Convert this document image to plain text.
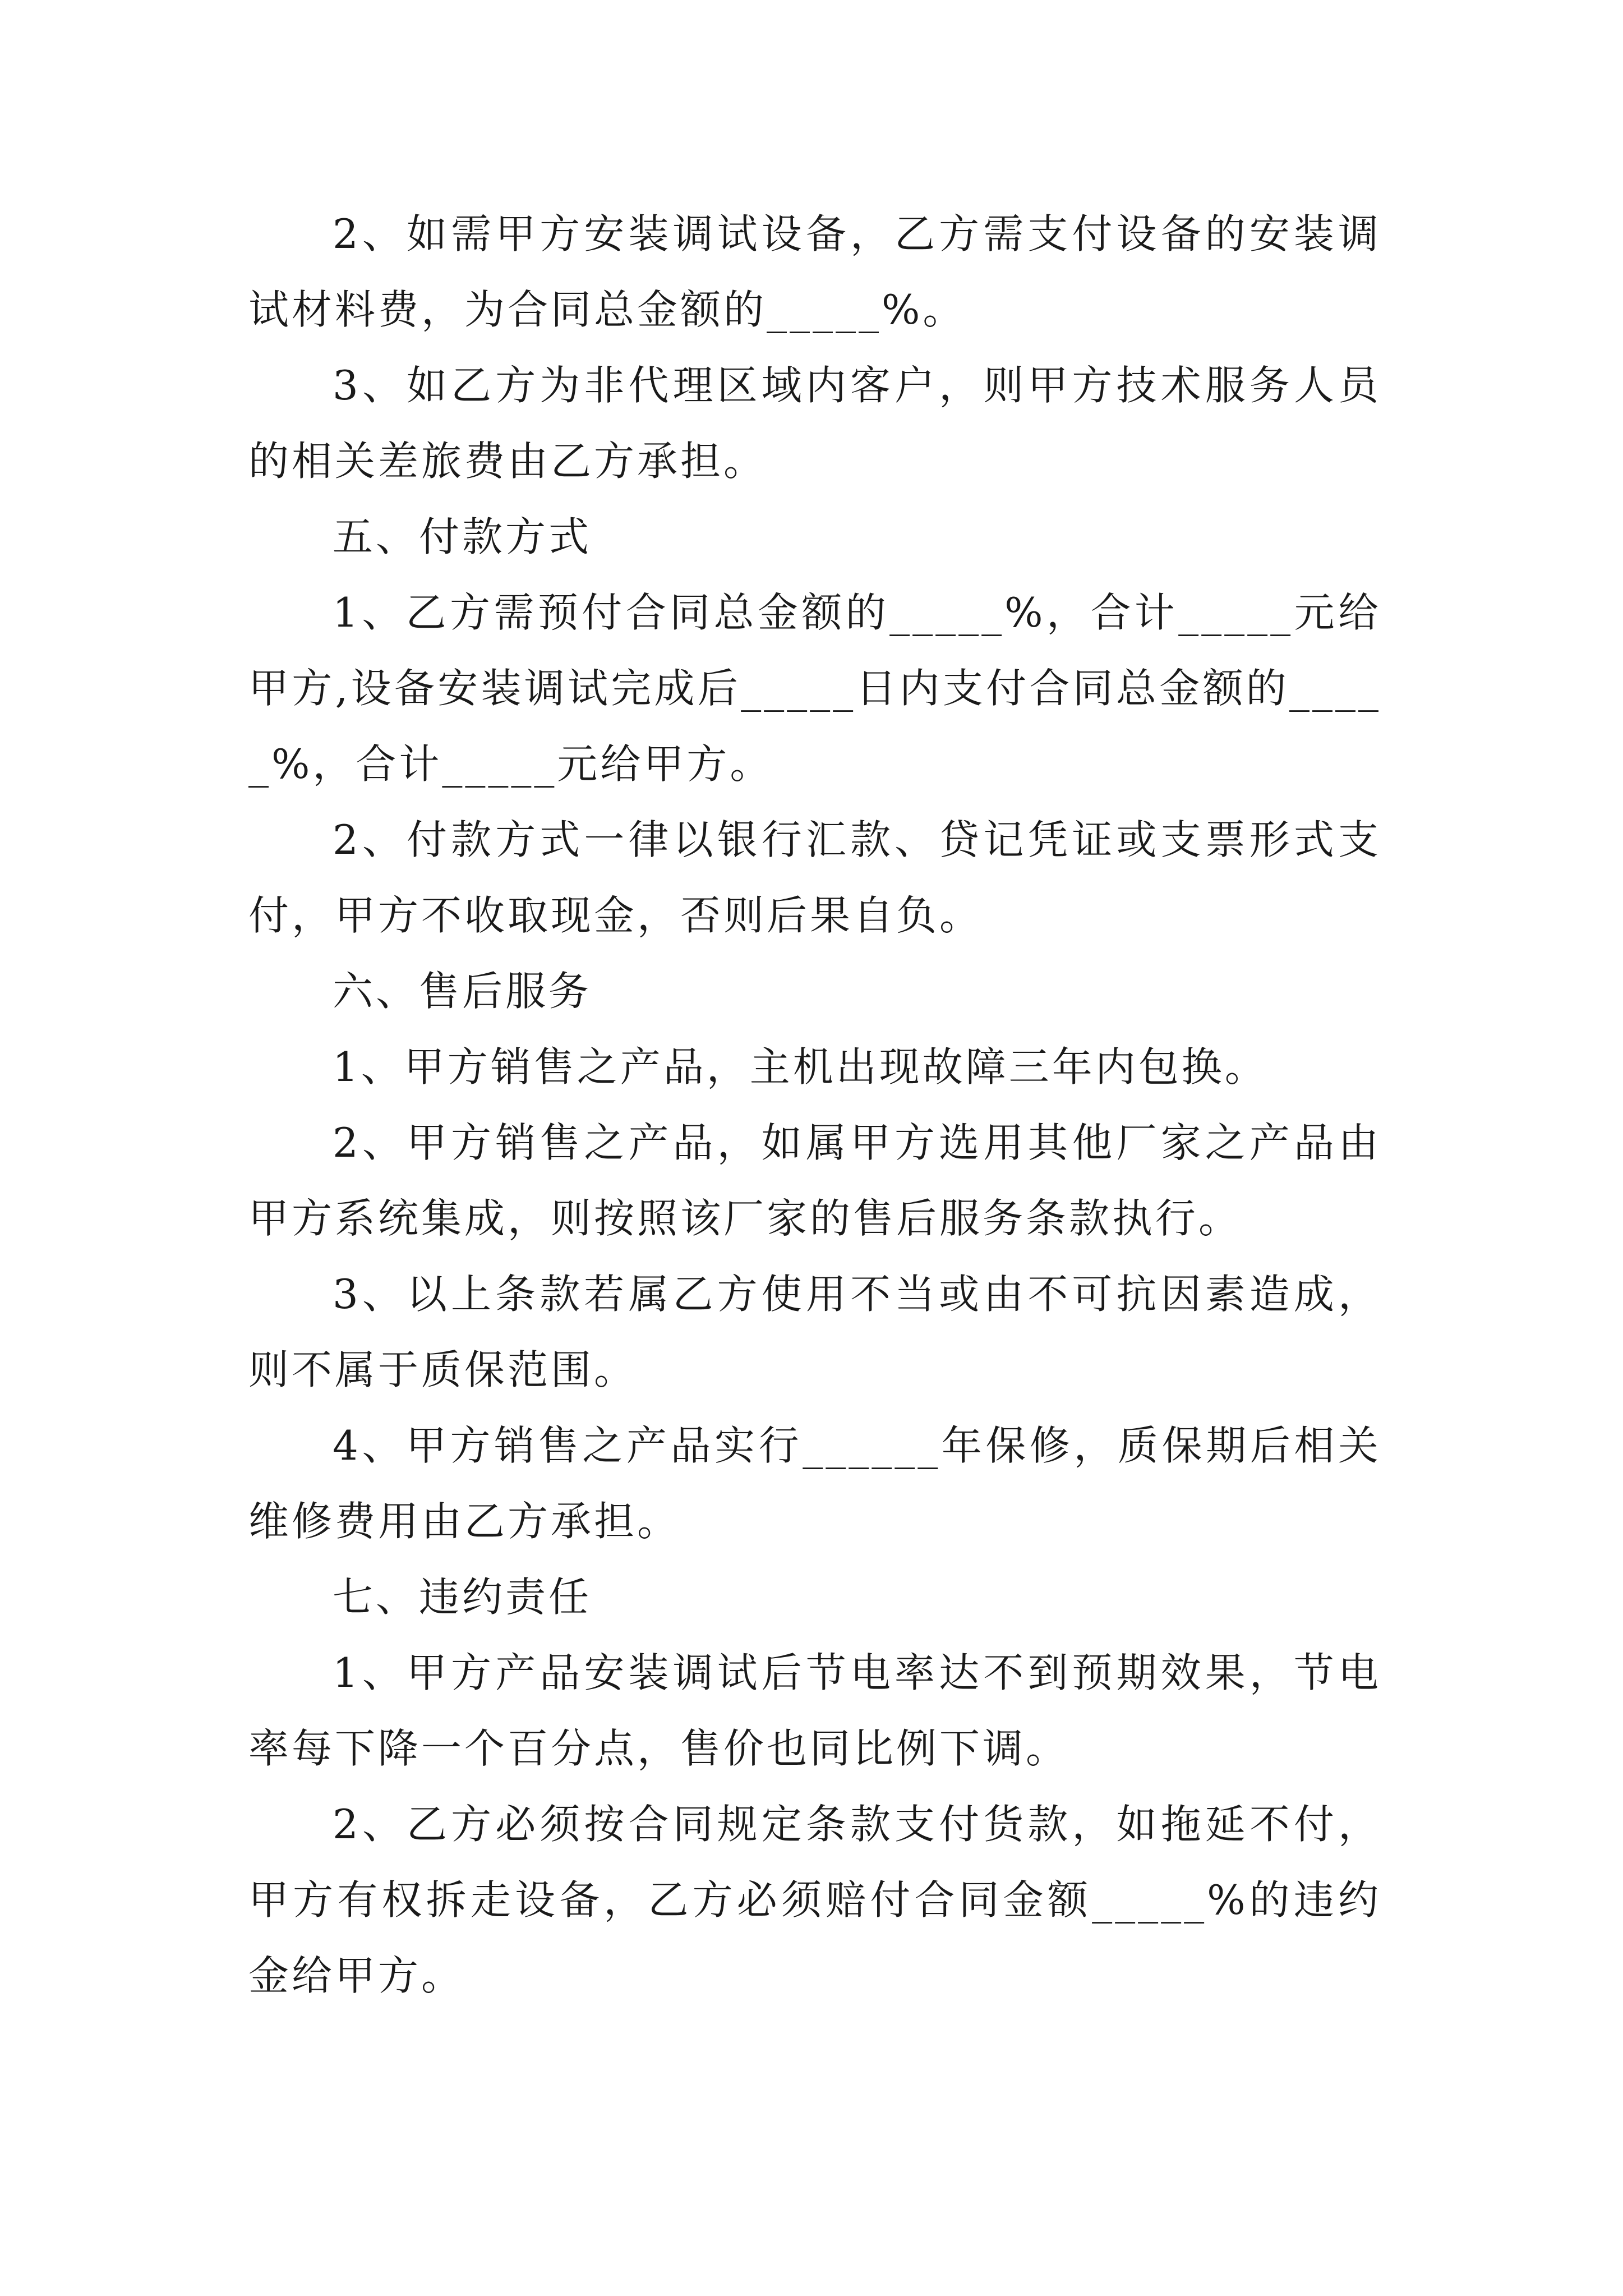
2、如需甲方安装调试设备，乙方需支付设备的安装调试材料费，为合同总金额的_____%。

3、如乙方为非代理区域内客户，则甲方技术服务人员的相关差旅费由乙方承担。

五、付款方式

1、乙方需预付合同总金额的_____%，合计_____元给甲方,设备安装调试完成后_____日内支付合同总金额的_____%，合计_____元给甲方。

2、付款方式一律以银行汇款、贷记凭证或支票形式支付，甲方不收取现金，否则后果自负。

六、售后服务

1、甲方销售之产品，主机出现故障三年内包换。

2、甲方销售之产品，如属甲方选用其他厂家之产品由甲方系统集成，则按照该厂家的售后服务条款执行。

3、以上条款若属乙方使用不当或由不可抗因素造成，则不属于质保范围。

4、甲方销售之产品实行______年保修，质保期后相关维修费用由乙方承担。

七、违约责任

1、甲方产品安装调试后节电率达不到预期效果，节电率每下降一个百分点，售价也同比例下调。

2、乙方必须按合同规定条款支付货款，如拖延不付，甲方有权拆走设备，乙方必须赔付合同金额_____%的违约金给甲方。
